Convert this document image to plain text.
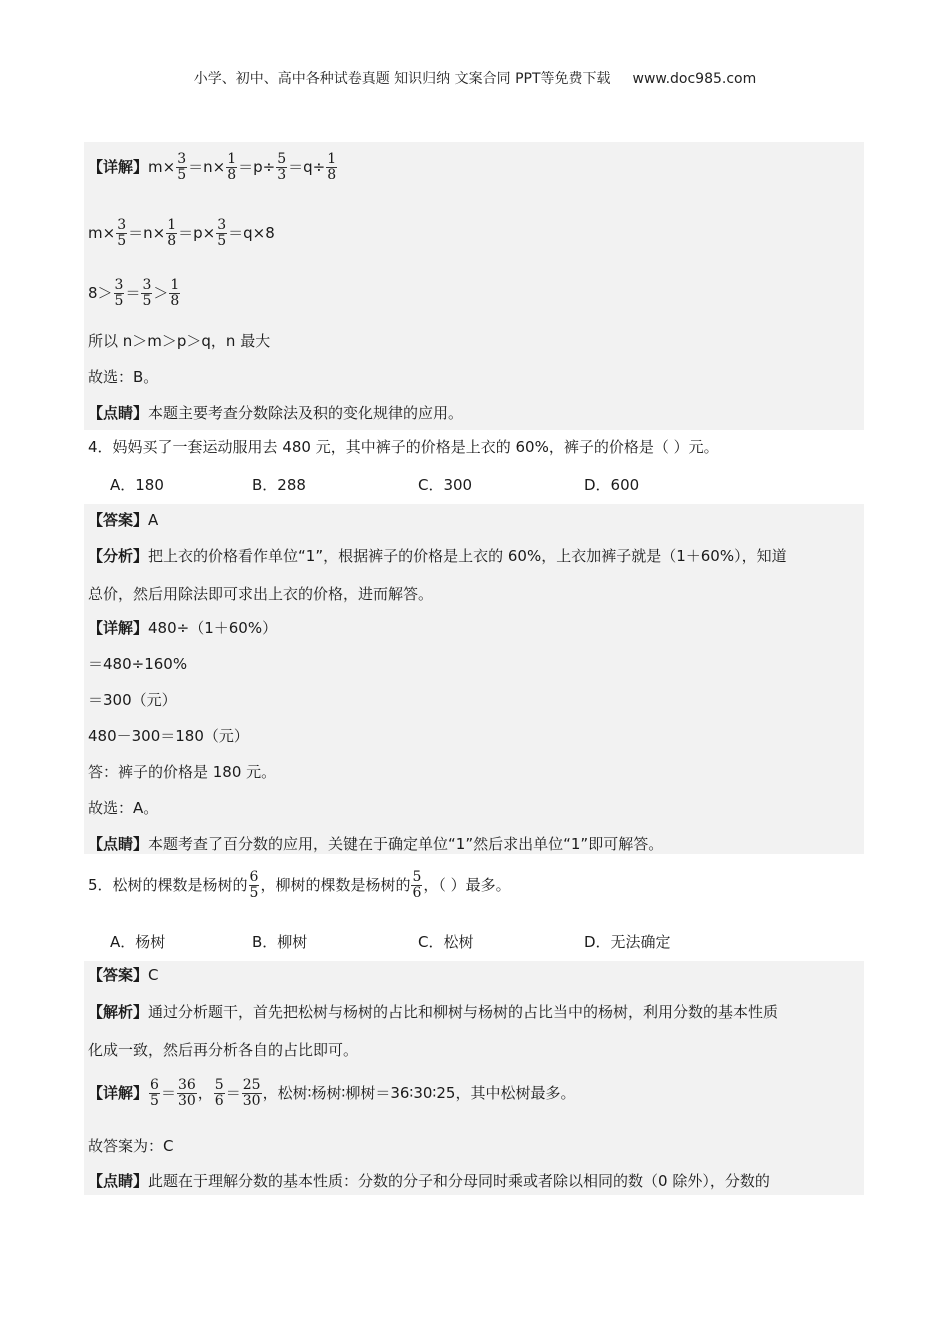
小学、初中、高中各种试卷真题 知识归纳 文案合同 PPT等免费下载 www.doc985.com
【详解】$m\times \frac{3}{5} =n\times \frac{1}{8} =p\div \frac{5}{3} =q\div \frac{1}{8}$
$m\times \frac{3}{5} =n\times \frac{1}{8} =p\times \frac{3}{5} =q\times 8$
$8> \frac{3}{5} = \frac{3}{5} > \frac{1}{8}$
所以 n＞m＞p＞q，n 最大
故选：B。
【点睛】本题主要考查分数除法及积的变化规律的应用。
4．妈妈买了一套运动服用去 480 元，其中裤子的价格是上衣的 60%，裤子的价格是（ ）元。
A．180	B．288	C．300	D．600
【答案】A
【分析】把上衣的价格看作单位“1”，根据裤子的价格是上衣的 60%，上衣加裤子就是（1＋60%），知道
总价，然后用除法即可求出上衣的价格，进而解答。
【详解】480÷（1＋60%）
＝480÷160%
＝300（元）
480－300＝180（元）
答：裤子的价格是 180 元。
故选：A。
【点睛】本题考查了百分数的应用，关键在于确定单位“1”然后求出单位“1”即可解答。
5．松树的棵数是杨树的 $\frac{6}{5}$ ，柳树的棵数是杨树的 $\frac{5}{6}$ ，（ ）最多。
A．杨树	B．柳树	C．松树	D．无法确定
【答案】C
【解析】通过分析题干，首先把松树与杨树的占比和柳树与杨树的占比当中的杨树，利用分数的基本性质
化成一致，然后再分析各自的占比即可。
【详解】 $\frac{6}{5} = \frac{36}{30}$ ， $\frac{5}{6} = \frac{25}{30}$ ，松树∶杨树∶柳树＝36∶30∶25，其中松树最多。
故答案为：C
【点睛】此题在于理解分数的基本性质：分数的分子和分母同时乘或者除以相同的数（0 除外），分数的
